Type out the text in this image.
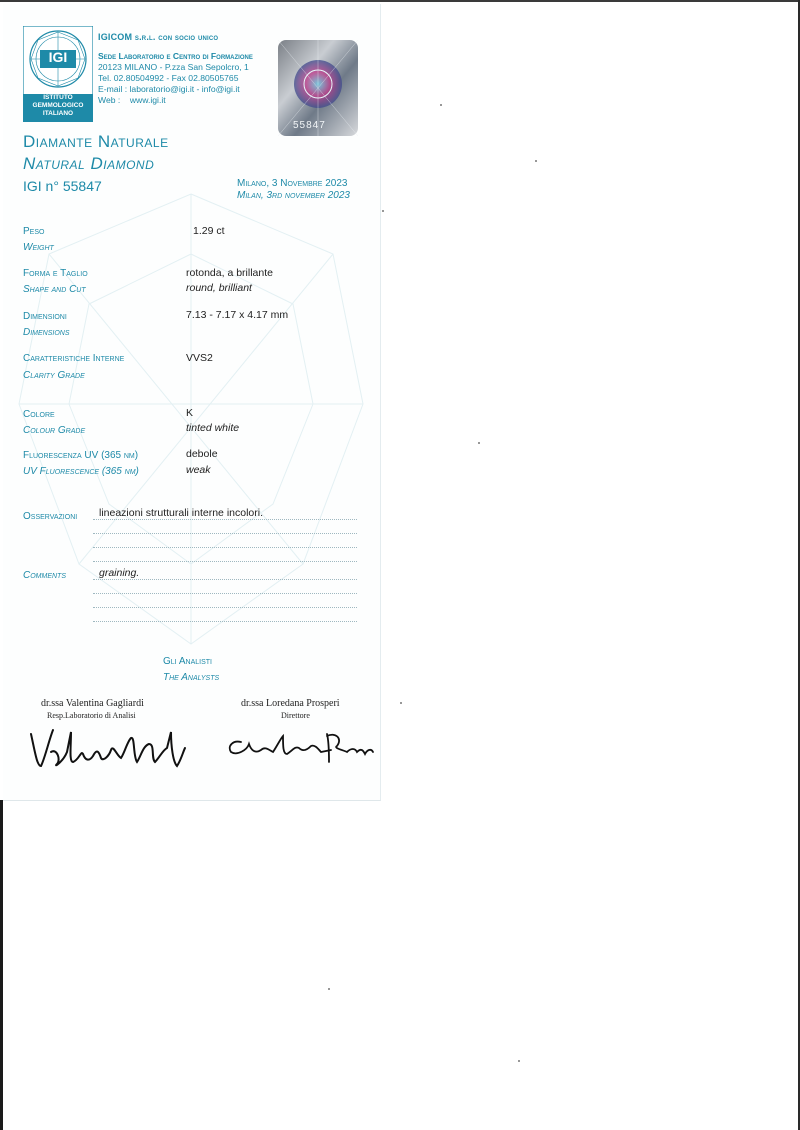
IGI
ISTITUTO
GEMMOLOGICO
ITALIANO
IGICOM s.r.l. con socio unico
Sede Laboratorio e Centro di Formazione
20123 MILANO - P.zza San Sepolcro, 1
Tel. 02.80504992 - Fax 02.80505765
E-mail : laboratorio@igi.it - info@igi.it
Web :    www.igi.it
55847
Diamante Naturale
Natural Diamond
IGI n° 55847	Milano, 3 Novembre 2023
Milan, 3rd november 2023
Peso
Weight
1.29 ct
Forma e Taglio
Shape and Cut
rotonda, a brillante
round, brilliant
Dimensioni
Dimensions
7.13 - 7.17 x 4.17 mm
Caratteristiche Interne
Clarity Grade
VVS2
Colore
Colour Grade
K
tinted white
Fluorescenza UV (365 nm)
UV Fluorescence (365 nm)
debole
weak
Osservazioni lineazioni strutturali interne incolori.
Comments	graining.
Gli Analisti
The Analysts
dr.ssa Valentina Gagliardi
Resp.Laboratorio di Analisi
dr.ssa Loredana Prosperi
Direttore
